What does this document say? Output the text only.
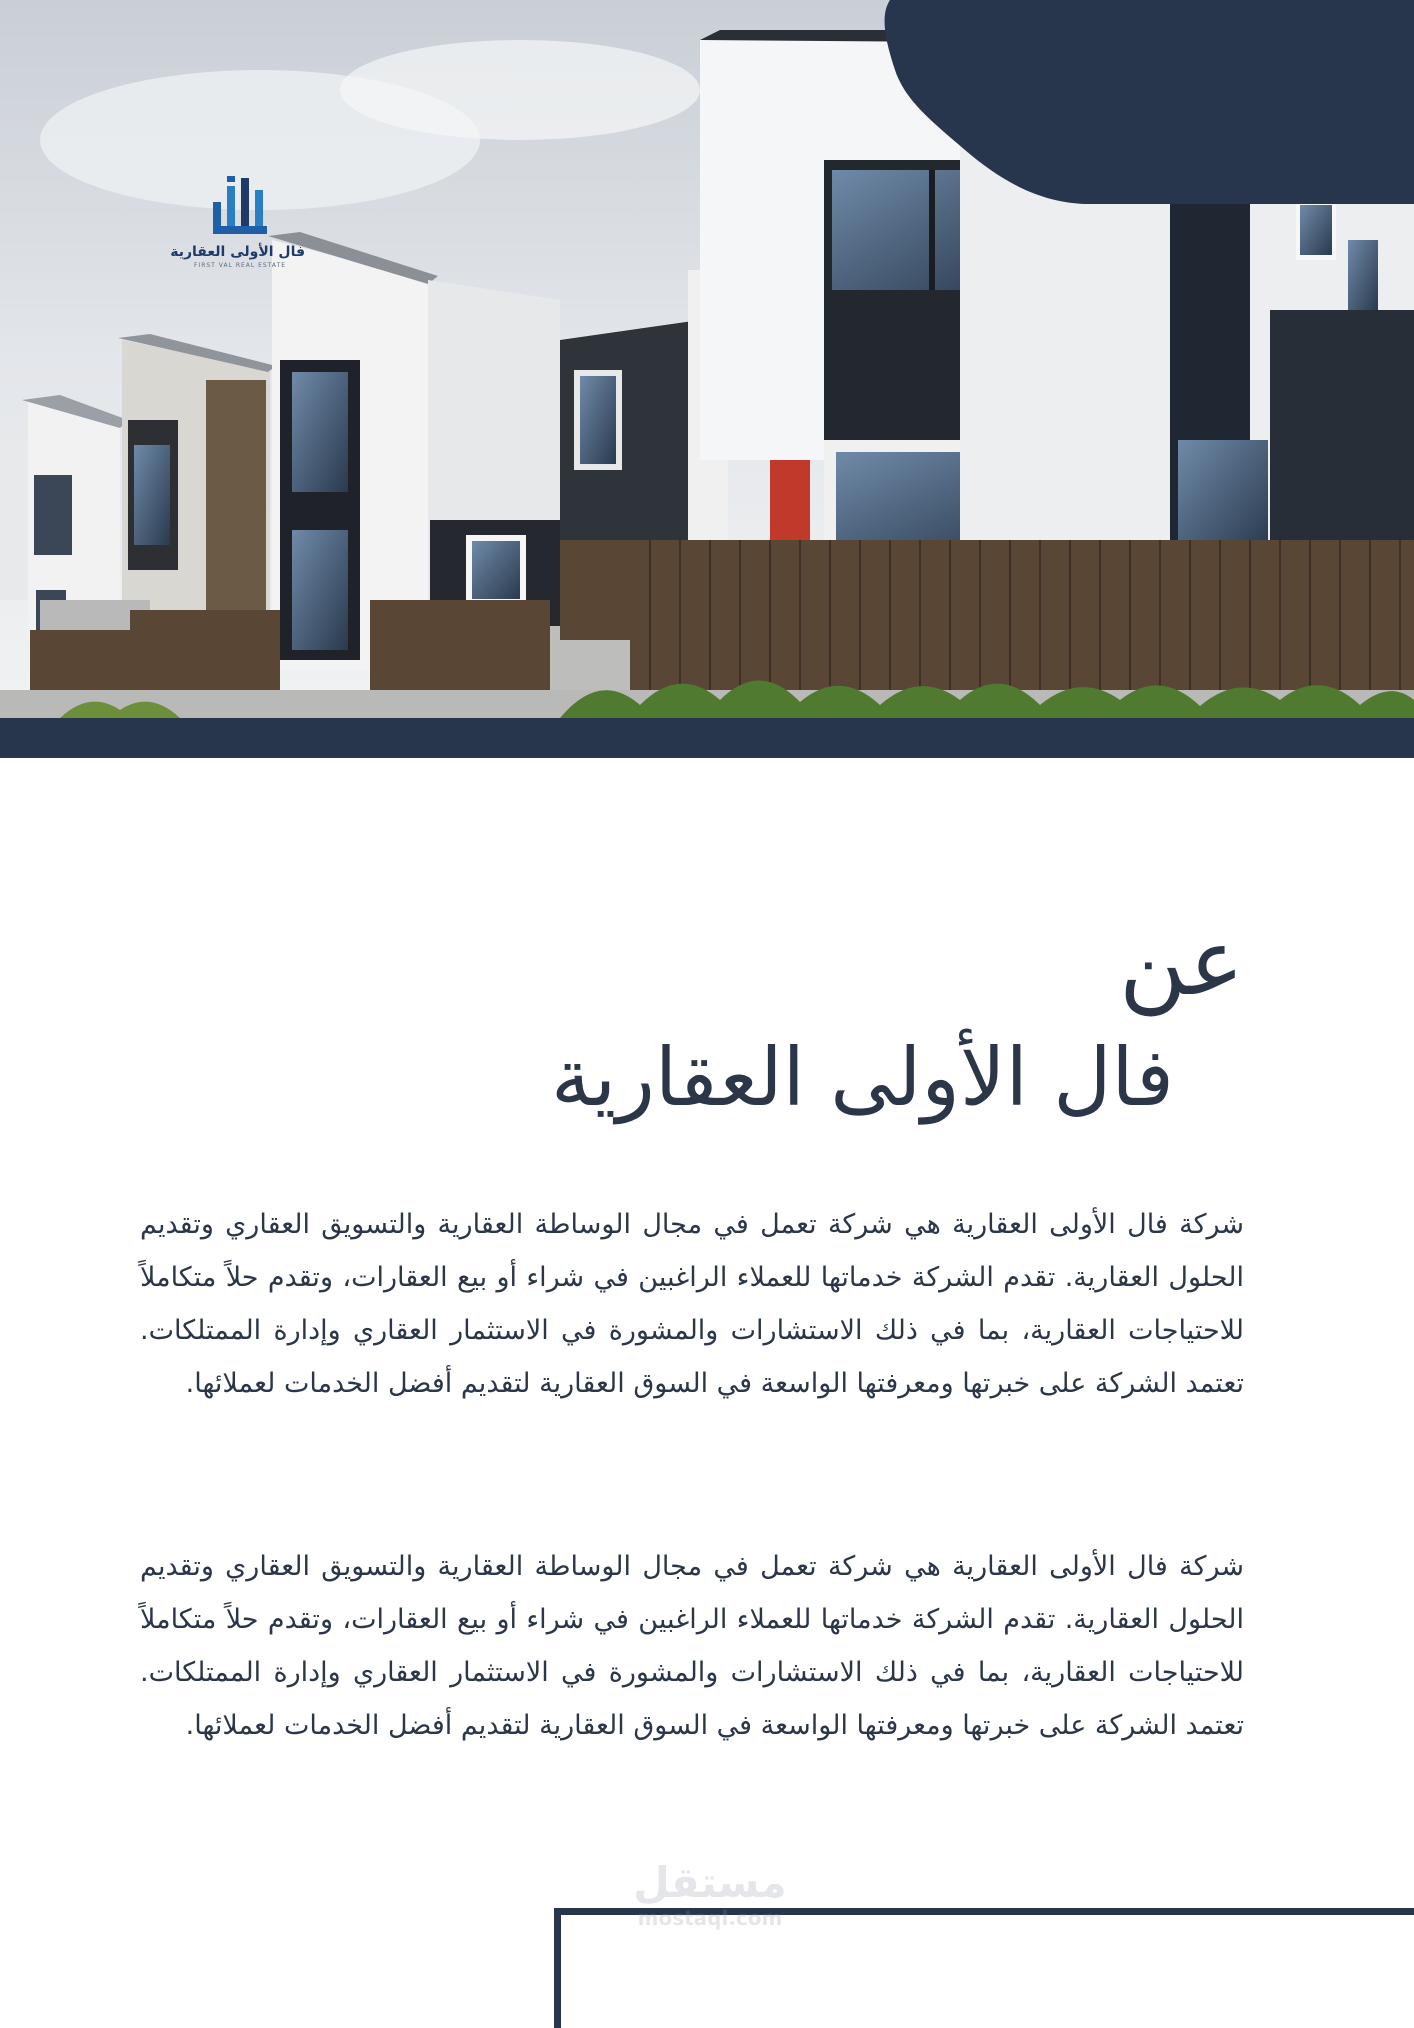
فال الأولى العقارية
FIRST VAL REAL ESTATE
عن
فال الأولى العقارية

شركة فال الأولى العقارية هي شركة تعمل في مجال الوساطة العقارية والتسويق العقاري وتقديم الحلول العقارية. تقدم الشركة خدماتها للعملاء الراغبين في شراء أو بيع العقارات، وتقدم حلاً متكاملاً للاحتياجات العقارية، بما في ذلك الاستشارات والمشورة في الاستثمار العقاري وإدارة الممتلكات. تعتمد الشركة على خبرتها ومعرفتها الواسعة في السوق العقارية لتقديم أفضل الخدمات لعملائها.

شركة فال الأولى العقارية هي شركة تعمل في مجال الوساطة العقارية والتسويق العقاري وتقديم الحلول العقارية. تقدم الشركة خدماتها للعملاء الراغبين في شراء أو بيع العقارات، وتقدم حلاً متكاملاً للاحتياجات العقارية، بما في ذلك الاستشارات والمشورة في الاستثمار العقاري وإدارة الممتلكات. تعتمد الشركة على خبرتها ومعرفتها الواسعة في السوق العقارية لتقديم أفضل الخدمات لعملائها.

مستقل
mostaql.com
